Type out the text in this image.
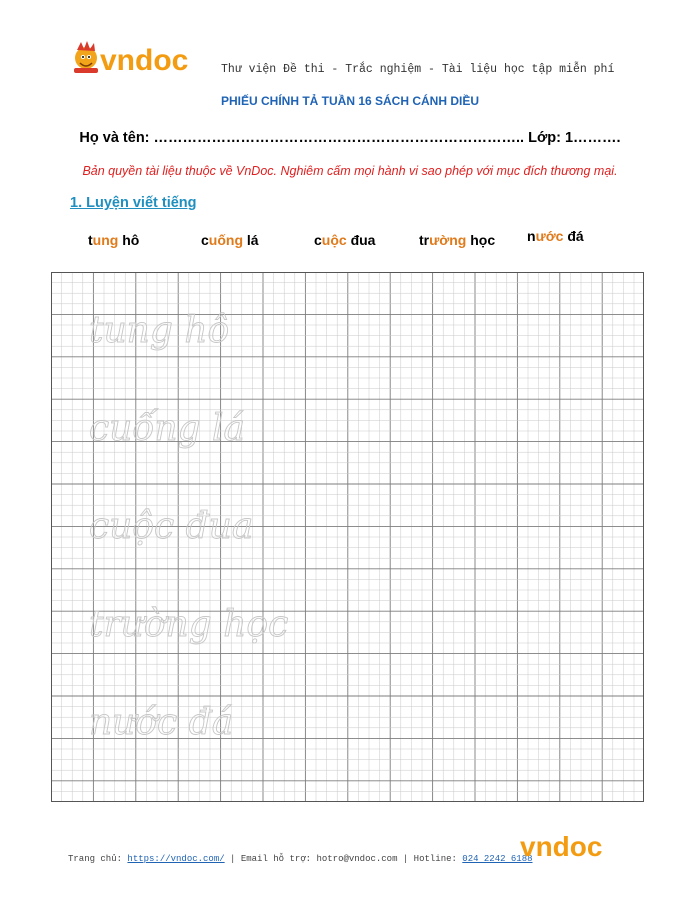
vndoc	Thư viện Đề thi - Trắc nghiệm - Tài liệu học tập miễn phí
PHIẾU CHÍNH TẢ TUẦN 16 SÁCH CÁNH DIỀU
Họ và tên: ………………………………………………………………….. Lớp: 1……….
Bản quyền tài liệu thuộc về VnDoc. Nghiêm cấm mọi hành vi sao phép với mục đích thương mại.
1. Luyện viết tiếng
tung hô	cuống lá	cuộc đua	trường học nước đá
tung hô
cuống lá
cuộc đua
trường học
nước đá
Trang chủ: https://vndoc.com/ | Email hỗ trợ: hotro@vndoc.com | Hotline: 024 2242 6188
vndoc
